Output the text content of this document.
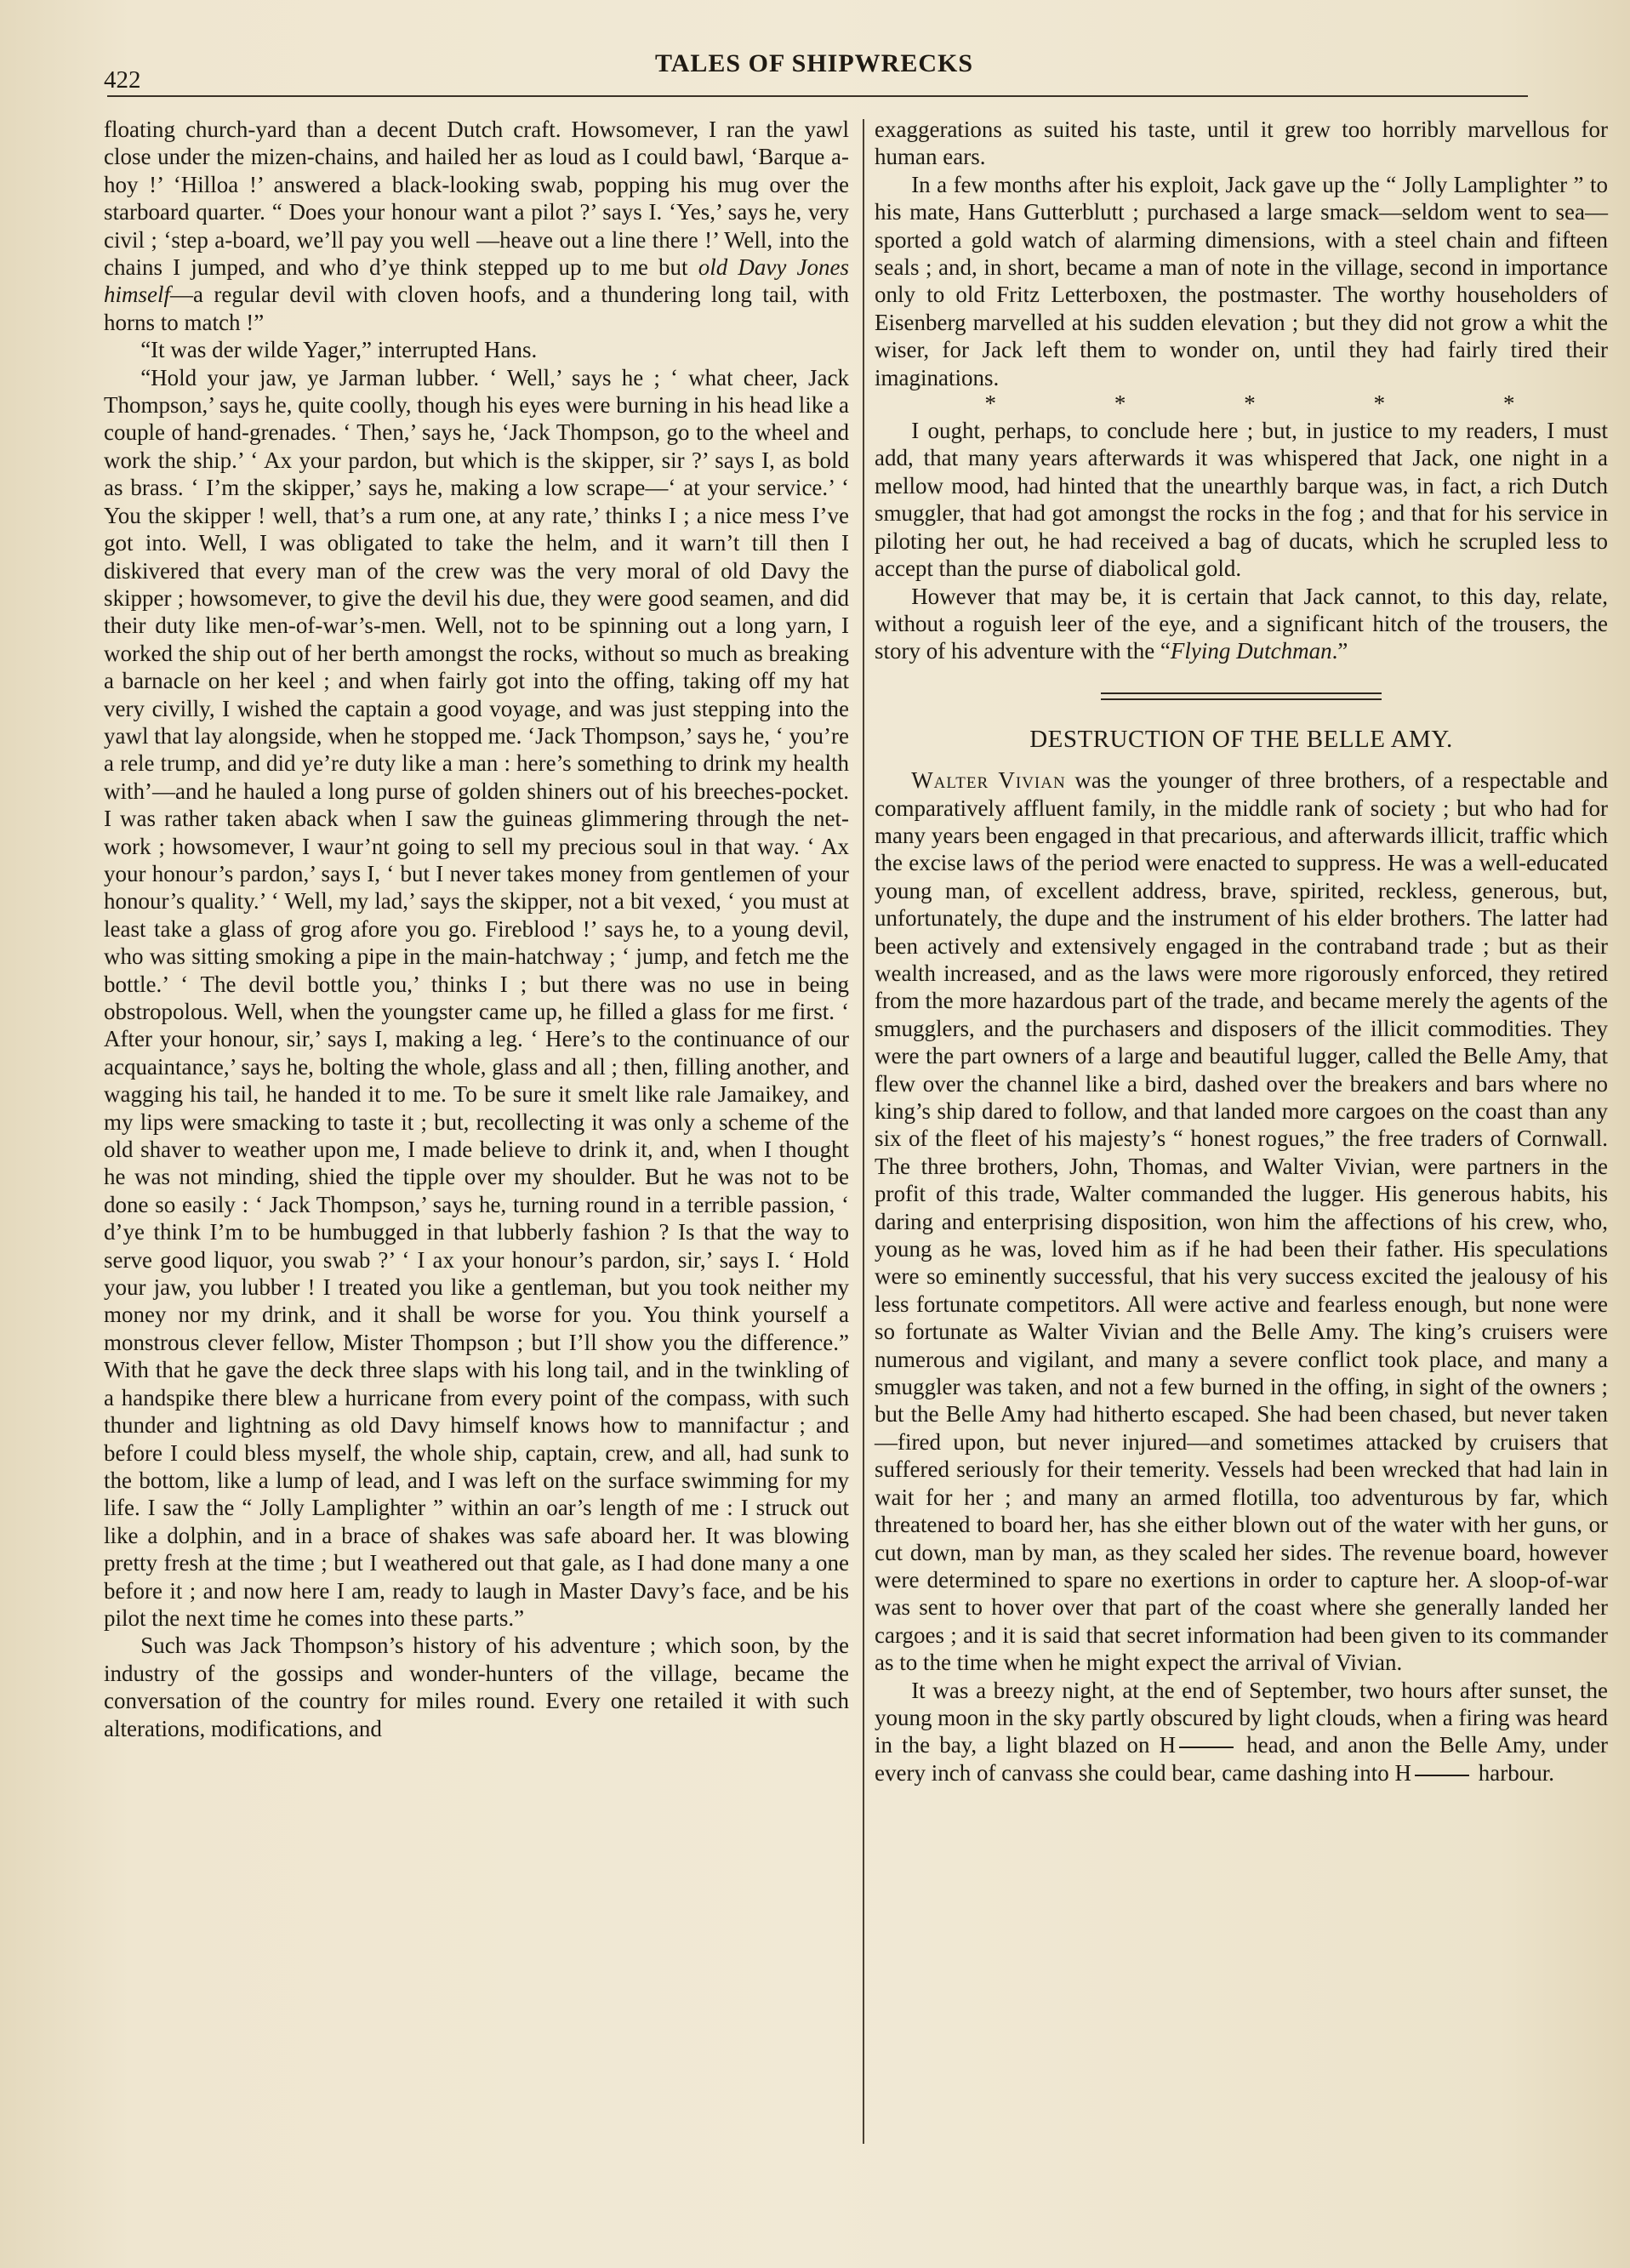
422
TALES OF SHIPWRECKS

floating church-yard than a decent Dutch craft. Howsomever, I ran the yawl close under the mizen-chains, and hailed her as loud as I could bawl, ‘Barque a-hoy !’ ‘Hilloa !’ answered a black-looking swab, popping his mug over the starboard quarter. “ Does your honour want a pilot ?’ says I. ‘Yes,’ says he, very civil ; ‘step a-board, we’ll pay you well —heave out a line there !’ Well, into the chains I jumped, and who d’ye think stepped up to me but old Davy Jones himself—a regular devil with cloven hoofs, and a thundering long tail, with horns to match !”

“It was der wilde Yager,” interrupted Hans.

“Hold your jaw, ye Jarman lubber. ‘ Well,’ says he ; ‘ what cheer, Jack Thompson,’ says he, quite coolly, though his eyes were burning in his head like a couple of hand-grenades. ‘ Then,’ says he, ‘Jack Thompson, go to the wheel and work the ship.’ ‘ Ax your pardon, but which is the skipper, sir ?’ says I, as bold as brass. ‘ I’m the skipper,’ says he, making a low scrape—‘ at your service.’ ‘ You the skipper ! well, that’s a rum one, at any rate,’ thinks I ; a nice mess I’ve got into. Well, I was obligated to take the helm, and it warn’t till then I diskivered that every man of the crew was the very moral of old Davy the skipper ; howsomever, to give the devil his due, they were good seamen, and did their duty like men-of-war’s-men. Well, not to be spinning out a long yarn, I worked the ship out of her berth amongst the rocks, without so much as breaking a barnacle on her keel ; and when fairly got into the offing, taking off my hat very civilly, I wished the captain a good voyage, and was just stepping into the yawl that lay alongside, when he stopped me. ‘Jack Thompson,’ says he, ‘ you’re a rele trump, and did ye’re duty like a man : here’s something to drink my health with’—and he hauled a long purse of golden shiners out of his breeches-pocket. I was rather taken aback when I saw the guineas glimmering through the net-work ; howsomever, I waur’nt going to sell my precious soul in that way. ‘ Ax your honour’s pardon,’ says I, ‘ but I never takes money from gentlemen of your honour’s quality.’ ‘ Well, my lad,’ says the skipper, not a bit vexed, ‘ you must at least take a glass of grog afore you go. Fireblood !’ says he, to a young devil, who was sitting smoking a pipe in the main-hatchway ; ‘ jump, and fetch me the bottle.’ ‘ The devil bottle you,’ thinks I ; but there was no use in being obstropolous. Well, when the youngster came up, he filled a glass for me first. ‘ After your honour, sir,’ says I, making a leg. ‘ Here’s to the continuance of our acquaintance,’ says he, bolting the whole, glass and all ; then, filling another, and wagging his tail, he handed it to me. To be sure it smelt like rale Jamaikey, and my lips were smacking to taste it ; but, recollecting it was only a scheme of the old shaver to weather upon me, I made believe to drink it, and, when I thought he was not minding, shied the tipple over my shoulder. But he was not to be done so easily : ‘ Jack Thompson,’ says he, turning round in a terrible passion, ‘ d’ye think I’m to be humbugged in that lubberly fashion ? Is that the way to serve good liquor, you swab ?’ ‘ I ax your honour’s pardon, sir,’ says I. ‘ Hold your jaw, you lubber ! I treated you like a gentleman, but you took neither my money nor my drink, and it shall be worse for you. You think yourself a monstrous clever fellow, Mister Thompson ; but I’ll show you the difference.” With that he gave the deck three slaps with his long tail, and in the twinkling of a handspike there blew a hurricane from every point of the compass, with such thunder and lightning as old Davy himself knows how to mannifactur ; and before I could bless myself, the whole ship, captain, crew, and all, had sunk to the bottom, like a lump of lead, and I was left on the surface swimming for my life. I saw the “ Jolly Lamplighter ” within an oar’s length of me : I struck out like a dolphin, and in a brace of shakes was safe aboard her. It was blowing pretty fresh at the time ; but I weathered out that gale, as I had done many a one before it ; and now here I am, ready to laugh in Master Davy’s face, and be his pilot the next time he comes into these parts.”

Such was Jack Thompson’s history of his adventure ; which soon, by the industry of the gossips and wonder-hunters of the village, became the conversation of the country for miles round. Every one retailed it with such alterations, modifications, and

exaggerations as suited his taste, until it grew too horribly marvellous for human ears.

In a few months after his exploit, Jack gave up the “ Jolly Lamplighter ” to his mate, Hans Gutterblutt ; purchased a large smack—seldom went to sea—sported a gold watch of alarming dimensions, with a steel chain and fifteen seals ; and, in short, became a man of note in the village, second in importance only to old Fritz Letterboxen, the postmaster. The worthy householders of Eisenberg marvelled at his sudden elevation ; but they did not grow a whit the wiser, for Jack left them to wonder on, until they had fairly tired their imaginations.

*	*	*	*	*

I ought, perhaps, to conclude here ; but, in justice to my readers, I must add, that many years afterwards it was whispered that Jack, one night in a mellow mood, had hinted that the unearthly barque was, in fact, a rich Dutch smuggler, that had got amongst the rocks in the fog ; and that for his service in piloting her out, he had received a bag of ducats, which he scrupled less to accept than the purse of diabolical gold.

However that may be, it is certain that Jack cannot, to this day, relate, without a roguish leer of the eye, and a significant hitch of the trousers, the story of his adventure with the “Flying Dutchman.”

DESTRUCTION OF THE BELLE AMY.

Walter Vivian was the younger of three brothers, of a respectable and comparatively affluent family, in the middle rank of society ; but who had for many years been engaged in that precarious, and afterwards illicit, traffic which the excise laws of the period were enacted to suppress. He was a well-educated young man, of excellent address, brave, spirited, reckless, generous, but, unfortunately, the dupe and the instrument of his elder brothers. The latter had been actively and extensively engaged in the contraband trade ; but as their wealth increased, and as the laws were more rigorously enforced, they retired from the more hazardous part of the trade, and became merely the agents of the smugglers, and the purchasers and disposers of the illicit commodities. They were the part owners of a large and beautiful lugger, called the Belle Amy, that flew over the channel like a bird, dashed over the breakers and bars where no king’s ship dared to follow, and that landed more cargoes on the coast than any six of the fleet of his majesty’s “ honest rogues,” the free traders of Cornwall. The three brothers, John, Thomas, and Walter Vivian, were partners in the profit of this trade, Walter commanded the lugger. His generous habits, his daring and enterprising disposition, won him the affections of his crew, who, young as he was, loved him as if he had been their father. His speculations were so eminently successful, that his very success excited the jealousy of his less fortunate competitors. All were active and fearless enough, but none were so fortunate as Walter Vivian and the Belle Amy. The king’s cruisers were numerous and vigilant, and many a severe conflict took place, and many a smuggler was taken, and not a few burned in the offing, in sight of the owners ; but the Belle Amy had hitherto escaped. She had been chased, but never taken—fired upon, but never injured—and sometimes attacked by cruisers that suffered seriously for their temerity. Vessels had been wrecked that had lain in wait for her ; and many an armed flotilla, too adventurous by far, which threatened to board her, has she either blown out of the water with her guns, or cut down, man by man, as they scaled her sides. The revenue board, however were determined to spare no exertions in order to capture her. A sloop-of-war was sent to hover over that part of the coast where she generally landed her cargoes ; and it is said that secret information had been given to its commander as to the time when he might expect the arrival of Vivian.

It was a breezy night, at the end of September, two hours after sunset, the young moon in the sky partly obscured by light clouds, when a firing was heard in the bay, a light blazed on H	head, and anon the Belle Amy, under every inch of canvass she could bear, came dashing into H	harbour.
